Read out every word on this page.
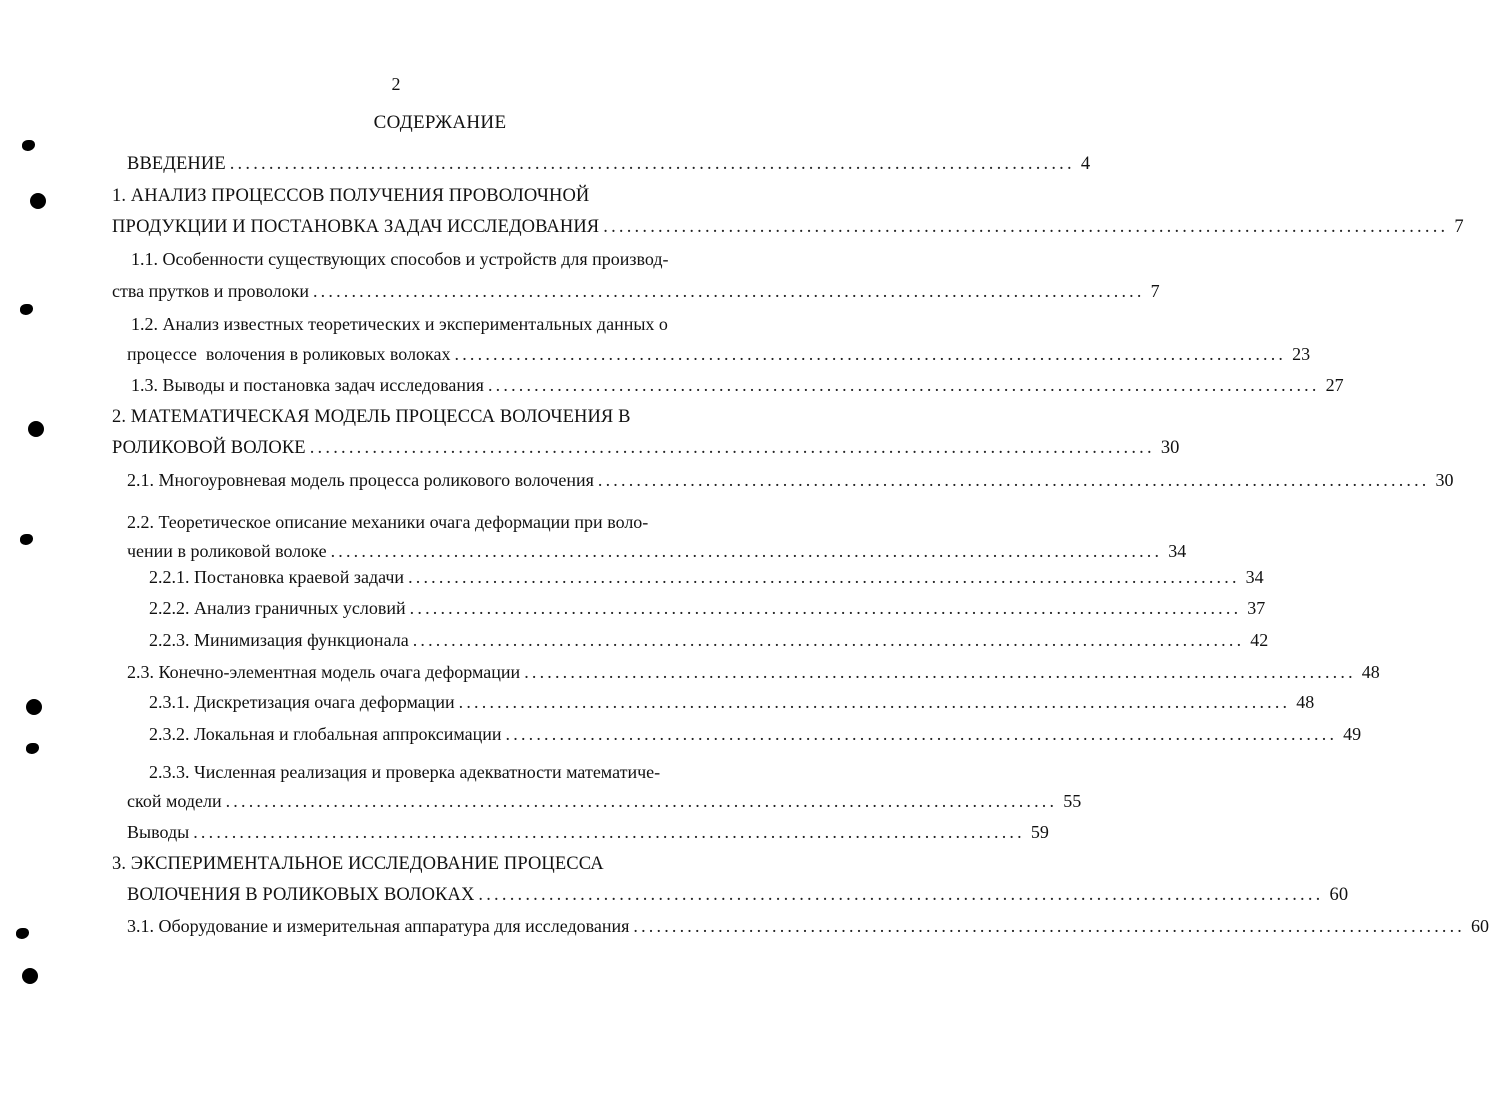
2
СОДЕРЖАНИЕ
ВВЕДЕНИЕ ............................................................................................................ 4
1. АНАЛИЗ ПРОЦЕССОВ ПОЛУЧЕНИЯ ПРОВОЛОЧНОЙ
ПРОДУКЦИИ И ПОСТАНОВКА ЗАДАЧ ИССЛЕДОВАНИЯ ............................................................................................................ 7
1.1. Особенности существующих способов и устройств для производ-
ства прутков и проволоки ............................................................................................................ 7
1.2. Анализ известных теоретических и экспериментальных данных о
процессе  волочения в роликовых волоках ............................................................................................................ 23
1.3. Выводы и постановка задач исследования ............................................................................................................ 27
2. МАТЕМАТИЧЕСКАЯ МОДЕЛЬ ПРОЦЕССА ВОЛОЧЕНИЯ В
РОЛИКОВОЙ ВОЛОКЕ ............................................................................................................ 30
2.1. Многоуровневая модель процесса роликового волочения ............................................................................................................ 30
2.2. Теоретическое описание механики очага деформации при воло-
чении в роликовой волоке ............................................................................................................ 34
2.2.1. Постановка краевой задачи ............................................................................................................ 34
2.2.2. Анализ граничных условий ............................................................................................................ 37
2.2.3. Минимизация функционала ............................................................................................................ 42
2.3. Конечно-элементная модель очага деформации ............................................................................................................ 48
2.3.1. Дискретизация очага деформации ............................................................................................................ 48
2.3.2. Локальная и глобальная аппроксимации ............................................................................................................ 49
2.3.3. Численная реализация и проверка адекватности математиче-
ской модели ............................................................................................................ 55
Выводы ............................................................................................................ 59
3. ЭКСПЕРИМЕНТАЛЬНОЕ ИССЛЕДОВАНИЕ ПРОЦЕССА
ВОЛОЧЕНИЯ В РОЛИКОВЫХ ВОЛОКАХ ............................................................................................................ 60
3.1. Оборудование и измерительная аппаратура для исследования ............................................................................................................ 60
